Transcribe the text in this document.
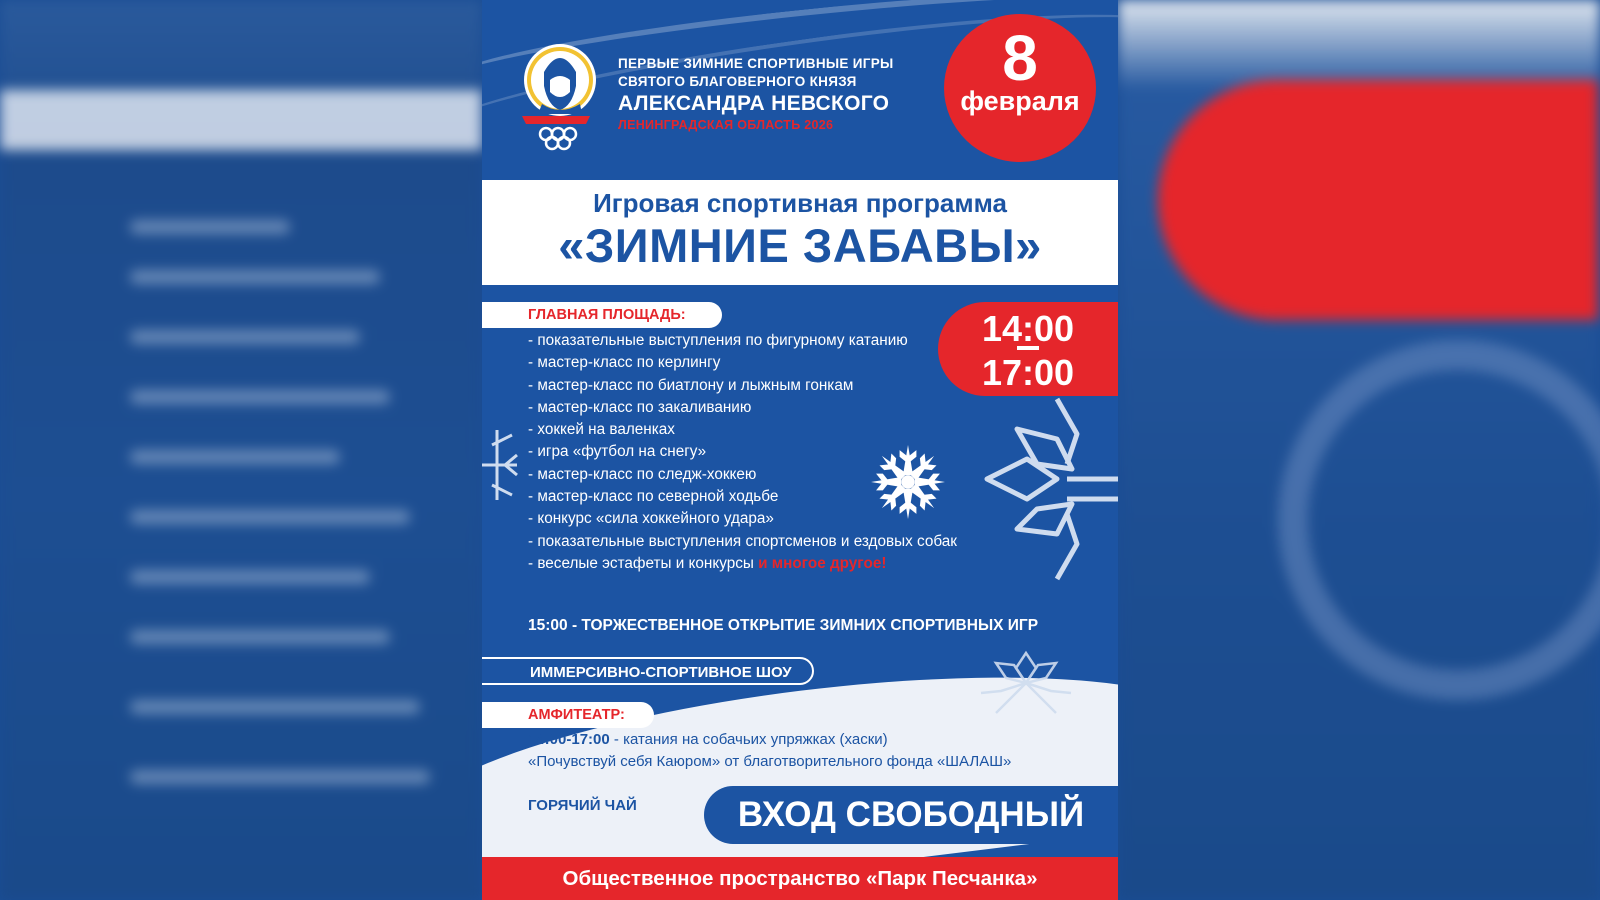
ПЕРВЫЕ ЗИМНИЕ СПОРТИВНЫЕ ИГРЫ
СВЯТОГО БЛАГОВЕРНОГО КНЯЗЯ
АЛЕКСАНДРА НЕВСКОГО
ЛЕНИНГРАДСКАЯ ОБЛАСТЬ 2026
8
февраля
Игровая спортивная программа
«ЗИМНИЕ ЗАБАВЫ»
ГЛАВНАЯ ПЛОЩАДЬ:	14:00
17:00
- показательные выступления по фигурному катанию
- мастер-класс по керлингу
- мастер-класс по биатлону и лыжным гонкам
- мастер-класс по закаливанию
- хоккей на валенках
- игра «футбол на снегу»
- мастер-класс по следж-хоккею
- мастер-класс по северной ходьбе
- конкурс «сила хоккейного удара»
- показательные выступления спортсменов и ездовых собак
- веселые эстафеты и конкурсы и многое другое!
15:00 - ТОРЖЕСТВЕННОЕ ОТКРЫТИЕ ЗИМНИХ СПОРТИВНЫХ ИГР
ИММЕРСИВНО-СПОРТИВНОЕ ШОУ
АМФИТЕАТР:
14:00-17:00 - катания на собачьих упряжках (хаски)
«Почувствуй себя Каюром» от благотворительного фонда «ШАЛАШ»
ГОРЯЧИЙ ЧАЙ	ВХОД СВОБОДНЫЙ
Общественное пространство «Парк Песчанка»
